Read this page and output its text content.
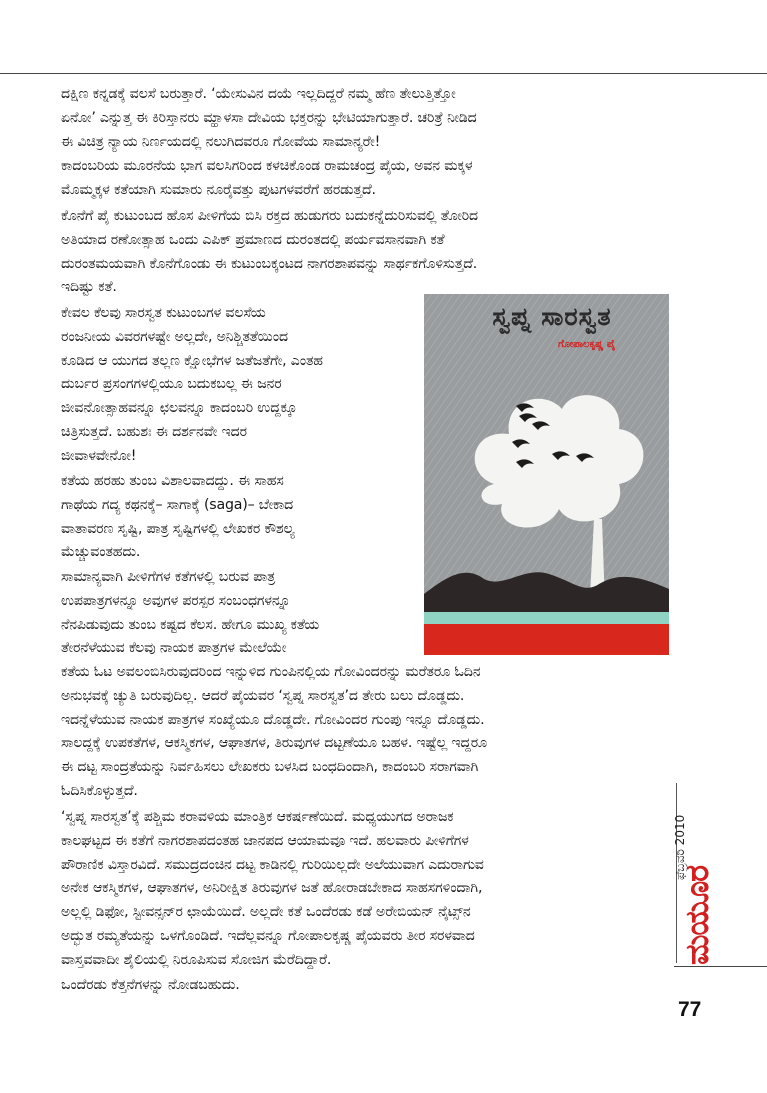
ದಕ್ಷಿಣ ಕನ್ನಡಕ್ಕೆ ವಲಸೆ ಬರುತ್ತಾರೆ. ‘ಯೇಸುವಿನ ದಯೆ ಇಲ್ಲದಿದ್ದರೆ ನಮ್ಮ ಹೆಣ ತೇಲುತ್ತಿತ್ತೋ
ಏನೋ’ ಎನ್ನುತ್ತ ಈ ಕಿರಿಸ್ತಾನರು ಮ್ಹಾಳಸಾ ದೇವಿಯ ಭಕ್ತರನ್ನು ಭೇಟಿಯಾಗುತ್ತಾರೆ. ಚರಿತ್ರೆ ನೀಡಿದ
ಈ ವಿಚಿತ್ರ ನ್ಯಾಯ ನಿರ್ಣಯದಲ್ಲಿ ನಲುಗಿದವರೂ ಗೋವೆಯ ಸಾಮಾನ್ಯರೇ!

ಕಾದಂಬರಿಯ ಮೂರನೆಯ ಭಾಗ ವಲಸಿಗರಿಂದ ಕಳಚಿಕೊಂಡ ರಾಮಚಂದ್ರ ಪೈಯ, ಅವನ ಮಕ್ಕಳ
ಮೊಮ್ಮಕ್ಕಳ ಕತೆಯಾಗಿ ಸುಮಾರು ನೂರೈವತ್ತು ಪುಟಗಳವರೆಗೆ ಹರಡುತ್ತದೆ.

ಕೊನೆಗೆ ಪೈ ಕುಟುಂಬದ ಹೊಸ ಪೀಳಿಗೆಯ ಬಿಸಿ ರಕ್ತದ ಹುಡುಗರು ಬದುಕನ್ನೆದುರಿಸುವಲ್ಲಿ ತೋರಿದ
ಅತಿಯಾದ ರಣೋತ್ಸಾಹ ಒಂದು ಎಪಿಕ್ ಪ್ರಮಾಣದ ದುರಂತದಲ್ಲಿ ಪರ್ಯವಸಾನವಾಗಿ ಕತೆ
ದುರಂತಮಯವಾಗಿ ಕೊನೆಗೊಂಡು ಈ ಕುಟುಂಬಕ್ಕಂಟದ ನಾಗರಶಾಪವನ್ನು ಸಾರ್ಥಕಗೊಳಿಸುತ್ತದೆ.
ಇದಿಷ್ಟು ಕತೆ.

ಕೇವಲ ಕೆಲವು ಸಾರಸ್ವತ ಕುಟುಂಬಗಳ ವಲಸೆಯ
ರಂಜನೀಯ ವಿವರಗಳಷ್ಟೇ ಅಲ್ಲದೇ, ಅನಿಶ್ಚಿತತೆಯಿಂದ
ಕೂಡಿದ ಆ ಯುಗದ ತಲ್ಲಣ ಕ್ಷೋಭೆಗಳ ಜತೆಜತೆಗೇ, ಎಂತಹ
ದುರ್ಬರ ಪ್ರಸಂಗಗಳಲ್ಲಿಯೂ ಬದುಕಬಲ್ಲ ಈ ಜನರ
ಜೀವನೋತ್ಸಾಹವನ್ನೂ ಛಲವನ್ನೂ ಕಾದಂಬರಿ ಉದ್ದಕ್ಕೂ
ಚಿತ್ರಿಸುತ್ತದೆ. ಬಹುಶಃ ಈ ದರ್ಶನವೇ ಇದರ
ಜೀವಾಳವೇನೋ!

ಕತೆಯ ಹರಹು ತುಂಬ ವಿಶಾಲವಾದದ್ದು. ಈ ಸಾಹಸ
ಗಾಥೆಯ ಗದ್ಯ ಕಥನಕ್ಕೆ– ಸಾಗಾಕ್ಕೆ (saga)– ಬೇಕಾದ
ವಾತಾವರಣ ಸೃಷ್ಟಿ, ಪಾತ್ರ ಸೃಷ್ಟಿಗಳಲ್ಲಿ ಲೇಖಕರ ಕೌಶಲ್ಯ
ಮೆಚ್ಚುವಂತಹದು.

ಸಾಮಾನ್ಯವಾಗಿ ಪೀಳಿಗೆಗಳ ಕತೆಗಳಲ್ಲಿ ಬರುವ ಪಾತ್ರ
ಉಪಪಾತ್ರಗಳನ್ನೂ ಅವುಗಳ ಪರಸ್ಪರ ಸಂಬಂಧಗಳನ್ನೂ
ನೆನಪಿಡುವುದು ತುಂಬ ಕಷ್ಟದ ಕೆಲಸ. ಹೇಗೂ ಮುಖ್ಯ ಕತೆಯ
ತೇರನೆಳೆಯುವ ಕೆಲವು ನಾಯಕ ಪಾತ್ರಗಳ ಮೇಲೆಯೇ

ಕತೆಯ ಓಟ ಅವಲಂಬಿಸಿರುವುದರಿಂದ ಇನ್ನುಳಿದ ಗುಂಪಿನಲ್ಲಿಯ ಗೋವಿಂದರನ್ನು ಮರೆತರೂ ಓದಿನ
ಅನುಭವಕ್ಕೆ ಚ್ಯುತಿ ಬರುವುದಿಲ್ಲ. ಆದರೆ ಪೈಯವರ ‘ಸ್ವಪ್ನ ಸಾರಸ್ವತ’ದ ತೇರು ಬಲು ದೊಡ್ಡದು.
ಇದನ್ನೆಳೆಯುವ ನಾಯಕ ಪಾತ್ರಗಳ ಸಂಖ್ಯೆಯೂ ದೊಡ್ಡದೇ. ಗೋವಿಂದರ ಗುಂಪು ಇನ್ನೂ ದೊಡ್ಡದು.
ಸಾಲದ್ದಕ್ಕೆ ಉಪಕತೆಗಳ, ಆಕಸ್ಮಿಕಗಳ, ಆಘಾತಗಳ, ತಿರುವುಗಳ ದಟ್ಟಣೆಯೂ ಬಹಳ. ಇಷ್ಟೆಲ್ಲ ಇದ್ದರೂ
ಈ ದಟ್ಟ ಸಾಂದ್ರತೆಯನ್ನು ನಿರ್ವಹಿಸಲು ಲೇಖಕರು ಬಳಸಿದ ಬಂಧದಿಂದಾಗಿ, ಕಾದಂಬರಿ ಸರಾಗವಾಗಿ
ಓದಿಸಿಕೊಳ್ಳುತ್ತದೆ.

‘ಸ್ವಪ್ನ ಸಾರಸ್ವತ’ಕ್ಕೆ ಪಶ್ಚಿಮ ಕರಾವಳಿಯ ಮಾಂತ್ರಿಕ ಆಕರ್ಷಣೆಯಿದೆ. ಮಧ್ಯಯುಗದ ಅರಾಜಕ
ಕಾಲಘಟ್ಟದ ಈ ಕತೆಗೆ ನಾಗರಶಾಪದಂತಹ ಜಾನಪದ ಆಯಾಮವೂ ಇದೆ. ಹಲವಾರು ಪೀಳಿಗೆಗಳ
ಪೌರಾಣಿಕ ವಿಸ್ತಾರವಿದೆ. ಸಮುದ್ರದಂಚಿನ ದಟ್ಟ ಕಾಡಿನಲ್ಲಿ ಗುರಿಯಿಲ್ಲದೇ ಅಲೆಯುವಾಗ ಎದುರಾಗುವ
ಅನೇಕ ಆಕಸ್ಮಿಕಗಳ, ಆಘಾತಗಳ, ಅನಿರೀಕ್ಷಿತ ತಿರುವುಗಳ ಜತೆ ಹೋರಾಡಬೇಕಾದ ಸಾಹಸಗಳಿಂದಾಗಿ,
ಅಲ್ಲಲ್ಲಿ ಡಿಫೋ, ಸ್ಟೀವನ್ಸನ್‌ರ ಛಾಯೆಯಿದೆ. ಅಲ್ಲದೇ ಕತೆ ಒಂದೆರಡು ಕಡೆ ಅರೇಬಿಯನ್ ನೈಟ್ಸ್‌ನ
ಅದ್ಭುತ ರಮ್ಯತೆಯನ್ನು ಒಳಗೊಂಡಿದೆ. ಇದೆಲ್ಲವನ್ನೂ ಗೋಪಾಲಕೃಷ್ಣ ಪೈಯವರು ತೀರ ಸರಳವಾದ
ವಾಸ್ತವವಾದೀ ಶೈಲಿಯಲ್ಲಿ ನಿರೂಪಿಸುವ ಸೋಜಿಗ ಮೆರೆದಿದ್ದಾರೆ.

ಒಂದೆರಡು ಕೆತ್ತನೆಗಳನ್ನು ನೋಡಬಹುದು.

ಸ್ವಪ್ನ ಸಾರಸ್ವತ
ಗೋಪಾಲಕೃಷ್ಣ ಪೈ
ಫೆಬ್ರವರಿ 2010
ಮಯೂರ
77
